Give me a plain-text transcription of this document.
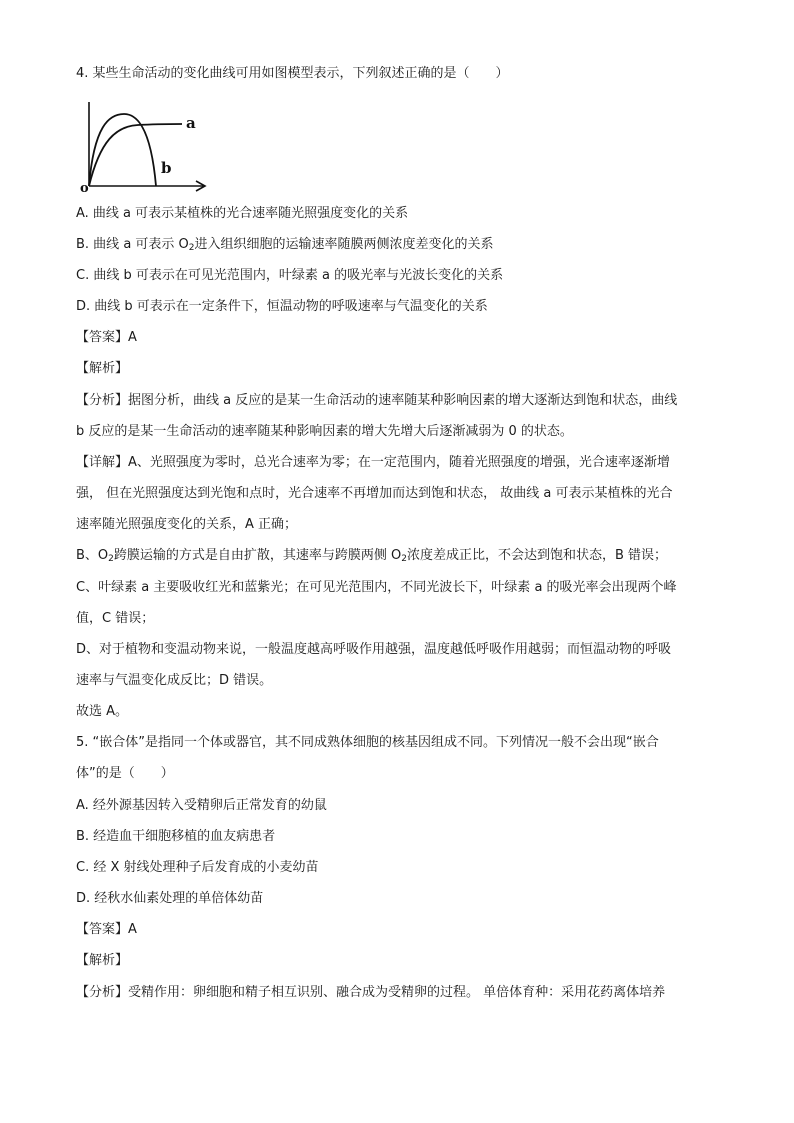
4. 某些生命活动的变化曲线可用如图模型表示，下列叙述正确的是（　　）
o
a
b
A. 曲线 a 可表示某植株的光合速率随光照强度变化的关系
B. 曲线 a 可表示 $O_2$进入组织细胞的运输速率随膜两侧浓度差变化的关系
C. 曲线 b 可表示在可见光范围内，叶绿素 a 的吸光率与光波长变化的关系
D. 曲线 b 可表示在一定条件下，恒温动物的呼吸速率与气温变化的关系
【答案】A
【解析】
【分析】据图分析，曲线 a 反应的是某一生命活动的速率随某种影响因素的增大逐渐达到饱和状态，曲线
b 反应的是某一生命活动的速率随某种影响因素的增大先增大后逐渐减弱为 0 的状态。
【详解】A、光照强度为零时，总光合速率为零；在一定范围内，随着光照强度的增强，光合速率逐渐增
强， 但在光照强度达到光饱和点时，光合速率不再增加而达到饱和状态， 故曲线 a 可表示某植株的光合
速率随光照强度变化的关系，A 正确；
B、$O_2$跨膜运输的方式是自由扩散，其速率与跨膜两侧 $O_2$浓度差成正比，不会达到饱和状态，B 错误；
C、叶绿素 a 主要吸收红光和蓝紫光；在可见光范围内，不同光波长下，叶绿素 a 的吸光率会出现两个峰
值，C 错误；
D、对于植物和变温动物来说，一般温度越高呼吸作用越强，温度越低呼吸作用越弱；而恒温动物的呼吸
速率与气温变化成反比；D 错误。
故选 A。
5. “嵌合体”是指同一个体或器官，其不同成熟体细胞的核基因组成不同。下列情况一般不会出现“嵌合
体”的是（　　）
A. 经外源基因转入受精卵后正常发育的幼鼠
B. 经造血干细胞移植的血友病患者
C. 经 X 射线处理种子后发育成的小麦幼苗
D. 经秋水仙素处理的单倍体幼苗
【答案】A
【解析】
【分析】受精作用：卵细胞和精子相互识别、融合成为受精卵的过程。 单倍体育种：采用花药离体培养
